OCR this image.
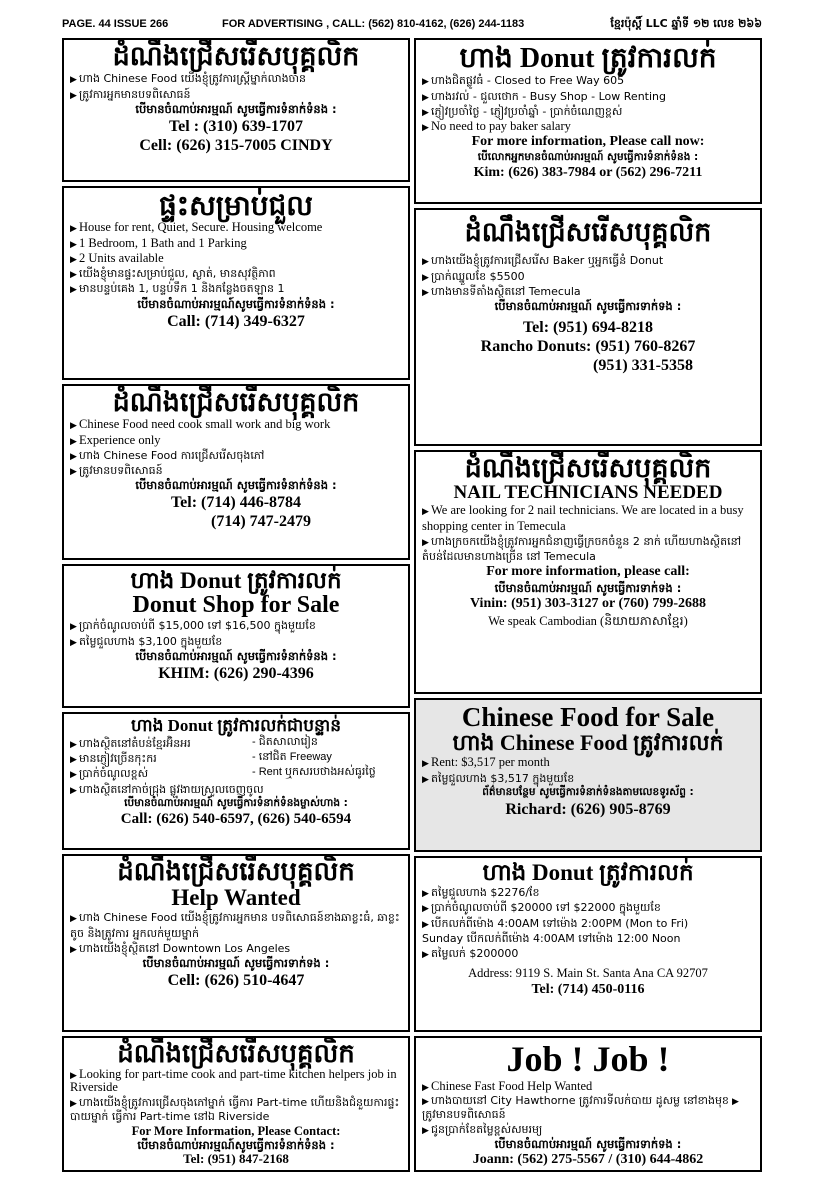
PAGE. 44 ISSUE 266	FOR ADVERTISING , CALL: (562) 810-4162, (626) 244-1183	ខ្មែរប៉ុស្តិ៍ LLC ឆ្នាំទី ១២ លេខ ២៦៦
ដំណឹងជ្រើសរើសបុគ្គលិក
▶ ហាង Chinese Food យើងខ្ញុំត្រូវការស្ត្រីម្នាក់លាងចាន
▶ ត្រូវការអ្នកមានបទពិសោធន៍
បើមានចំណាប់អារម្មណ៍ សូមធ្វើការទំនាក់ទំនង :
Tel : (310) 639-1707
Cell: (626) 315-7005 CINDY
ផ្ទះសម្រាប់ជួល
▶ House for rent, Quiet, Secure. Housing welcome
▶ 1 Bedroom, 1 Bath and 1 Parking
▶ 2 Units available
▶ យើងខ្ញុំមានផ្ទះសម្រាប់ជួល, ស្ងាត់, មានសុវត្ថិភាព
▶ មានបន្ទប់គេង 1, បន្ទប់ទឹក 1 និងកន្លែងចតឡាន 1
បើមានចំណាប់អារម្មណ៍សូមធ្វើការទំនាក់ទំនង :
Call: (714) 349-6327
ដំណឹងជ្រើសរើសបុគ្គលិក
▶ Chinese Food need cook small work and big work
▶ Experience only
▶ ហាង Chinese Food ការជ្រើសរើសចុងភៅ
▶ ត្រូវមានបទពិសោធន៍
បើមានចំណាប់អារម្មណ៍ សូមធ្វើការទំនាក់ទំនង :
Tel: (714) 446-8784
(714) 747-2479
ហាង Donut ត្រូវការលក់
Donut Shop for Sale
▶ ប្រាក់ចំណូលចាប់ពី $15,000 ទៅ $16,500 ក្នុងមួយខែ
▶ តម្លៃជួលហាង $3,100 ក្នុងមួយខែ
បើមានចំណាប់អារម្មណ៍ សូមធ្វើការទំនាក់ទំនង :
KHIM: (626) 290-4396
ហាង Donut ត្រូវការលក់ជាបន្ទាន់
▶ ហាងស្ថិតនៅតំបន់ខ្មែរអ៊ិនអរ	- ជិតសាលារៀន
▶ មានភ្ញៀវច្រើនកុះករ	- នៅជិត Freeway
▶ ប្រាក់ចំណូលខ្ពស់	- Rent ឬកសរបថាងអស់ធូរថ្លៃ
▶ ហាងស្ថិតនៅកាច់ជ្រុង ផ្លូវងាយស្រួលចេញចូល
បើមានចំណាប់អារម្មណ៍ សូមធ្វើការទំនាក់ទំនងម្ចាស់ហាង :
Call: (626) 540-6597, (626) 540-6594
ដំណឹងជ្រើសរើសបុគ្គលិក
Help Wanted
▶ ហាង Chinese Food យើងខ្ញុំត្រូវការអ្នកមាន បទពិសោធន៍ខាងឆាខ្លះធំ, ឆាខ្លះតូច និងត្រូវការ អ្នកលក់មួយម្នាក់
▶ ហាងយើងខ្ញុំស្ថិតនៅ Downtown Los Angeles
បើមានចំណាប់អារម្មណ៍ សូមធ្វើការទាក់ទង :
Cell: (626) 510-4647
ដំណឹងជ្រើសរើសបុគ្គលិក
▶ Looking for part-time cook and part-time kitchen helpers job in Riverside
▶ ហាងយើងខ្ញុំត្រូវការជ្រើសចុងភៅម្នាក់ ធ្វើការ Part-time ហើយនិងជំនួយការផ្ទះបាយម្នាក់ ធ្វើការ Part-time នៅឯ Riverside
For More Information, Please Contact:
បើមានចំណាប់អារម្មណ៍សូមធ្វើការទំនាក់ទំនង :
Tel: (951) 847-2168
ហាង Donut ត្រូវការលក់
▶ ហាងជិតផ្លូវធំ - Closed to Free Way 605
▶ ហាងរវល់ - ជួលថោក - Busy Shop - Low Renting
▶ ភ្ញៀវប្រចាំថ្ងៃ - ភ្ញៀវប្រចាំឆ្នាំ - ប្រាក់ចំណេញខ្ពស់
▶ No need to pay baker salary
For more information, Please call now:
បើលោកអ្នកមានចំណាប់អារម្មណ៍ សូមធ្វើការទំនាក់ទំនង :
Kim: (626) 383-7984 or (562) 296-7211
ដំណឹងជ្រើសរើសបុគ្គលិក
▶ ហាងយើងខ្ញុំត្រូវការជ្រើសរើស Baker ឬអ្នកធ្វើនំ Donut
▶ ប្រាក់ឈ្នួលខែ $5500
▶ ហាងមានទីតាំងស្ថិតនៅ Temecula
បើមានចំណាប់អារម្មណ៍ សូមធ្វើការទាក់ទង :
Tel: (951) 694-8218
Rancho Donuts: (951) 760-8267
(951) 331-5358
ដំណឹងជ្រើសរើសបុគ្គលិក
NAIL TECHNICIANS NEEDED
▶ We are looking for 2 nail technicians. We are located in a busy shopping center in Temecula
▶ ហាងក្រចកយើងខ្ញុំត្រូវការអ្នកជំនាញធ្វើក្រចកចំនួន 2 នាក់ ហើយហាងស្ថិតនៅតំបន់ដែលមានហាងច្រើន នៅ Temecula
For more information, please call:
បើមានចំណាប់អារម្មណ៍ សូមធ្វើការទាក់ទង :
Vinin: (951) 303-3127 or (760) 799-2688
We speak Cambodian (និយាយភាសាខ្មែរ)
Chinese Food for Sale
ហាង Chinese Food ត្រូវការលក់
▶ Rent: $3,517 per month
▶ តម្លៃជួលហាង $3,517 ក្នុងមួយខែ
ព័ត៌មានបន្ថែម សូមធ្វើការទំនាក់ទំនងតាមលេខទូរស័ព្ទ :
Richard: (626) 905-8769
ហាង Donut ត្រូវការលក់
▶ តម្លៃជួលហាង $2276/ខែ
▶ ប្រាក់ចំណូលចាប់ពី $20000 ទៅ $22000 ក្នុងមួយខែ
▶ បើកលក់ពីម៉ោង 4:00AM ទៅម៉ោង 2:00PM (Mon to Fri)
Sunday បើកលក់ពីម៉ោង 4:00AM ទៅម៉ោង 12:00 Noon
▶ តម្លៃលក់ $200000
Address: 9119 S. Main St. Santa Ana CA 92707
Tel: (714) 450-0116
Job ! Job !
▶ Chinese Fast Food Help Wanted
▶ ហាងបាយនៅ City Hawthorne ត្រូវការទីលក់បាយ ដូសម្ល នៅខាងមុខ ▶ត្រូវមានបទពិសោធន៍
▶ ជូនប្រាក់ខែតម្លៃខ្ពស់សមរម្យ
បើមានចំណាប់អារម្មណ៍ សូមធ្វើការទាក់ទង :
Joann: (562) 275-5567 / (310) 644-4862
